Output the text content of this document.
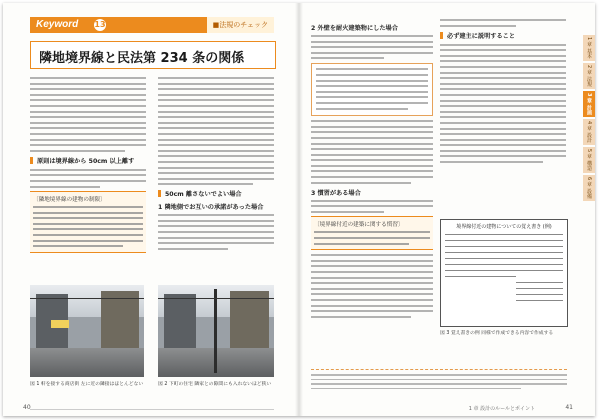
Keyword 13	■法規のチェック
隣地境界線と民法第 234 条の関係
原則は境界線から 50cm 以上離す
〔隣地境界線の建物の制限〕
50cm 離さないでよい場合
1 隣地側でお互いの承諾があった場合
図 1 軒を接する商店街 左に近の隣接はほとんどない	図 2 下町の住宅 隣家との隙間にも入れないほど狭い
40
2 外壁を耐火建築物にした場合
3 慣習がある場合
〔境界線付近の建築に関する慣習〕
必ず建主に説明すること
境界線付近の建物についての覚え書き (例)
図 3 覚え書きの例 同様で作成できる内容で作成する
1 章 設計のルールとポイント	41
1 章 基本
2 章 法規
3 章 計画
4 章 設計
5 章 構造
6 章 設備
